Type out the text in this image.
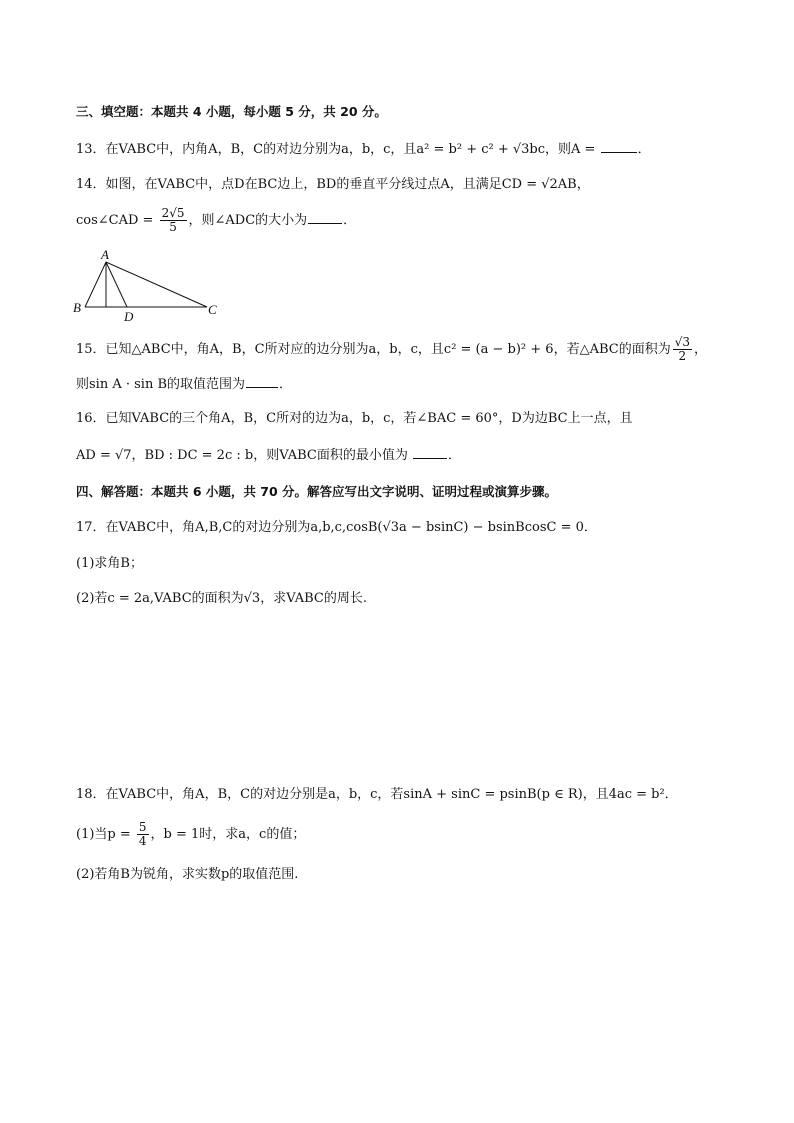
三、填空题：本题共 4 小题，每小题 5 分，共 20 分。
13．在VABC中，内角A，B，C的对边分别为a，b，c，且a² = b² + c² + √3bc，则A =	．
14．如图，在VABC中，点D在BC边上，BD的垂直平分线过点A，且满足CD = √2AB，
cos∠CAD = $\frac{2√5}{5}$ ，则∠ADC的大小为	．
A
B	C
D
15．已知△ABC中，角A，B，C所对应的边分别为a，b，c，且c² = (a − b)² + 6，若△ABC的面积为 $\frac{√3}{2}$ ，
则sin A · sin B的取值范围为	．
16．已知VABC的三个角A，B，C所对的边为a，b，c，若∠BAC = 60°，D为边BC上一点，且
AD = √7，BD : DC = 2c : b，则VABC面积的最小值为	．
四、解答题：本题共 6 小题，共 70 分。解答应写出文字说明、证明过程或演算步骤。
17．在VABC中，角A,B,C的对边分别为a,b,c,cosB(√3a − bsinC) − bsinBcosC = 0．
(1)求角B；
(2)若c = 2a,VABC的面积为√3，求VABC的周长.
18．在VABC中，角A，B，C的对边分别是a，b，c，若sinA + sinC = psinB(p ∈ R)，且4ac = b²．
(1)当$p = \frac{5}{4}$ ，b = 1时，求a，c的值；
(2)若角B为锐角，求实数p的取值范围.
